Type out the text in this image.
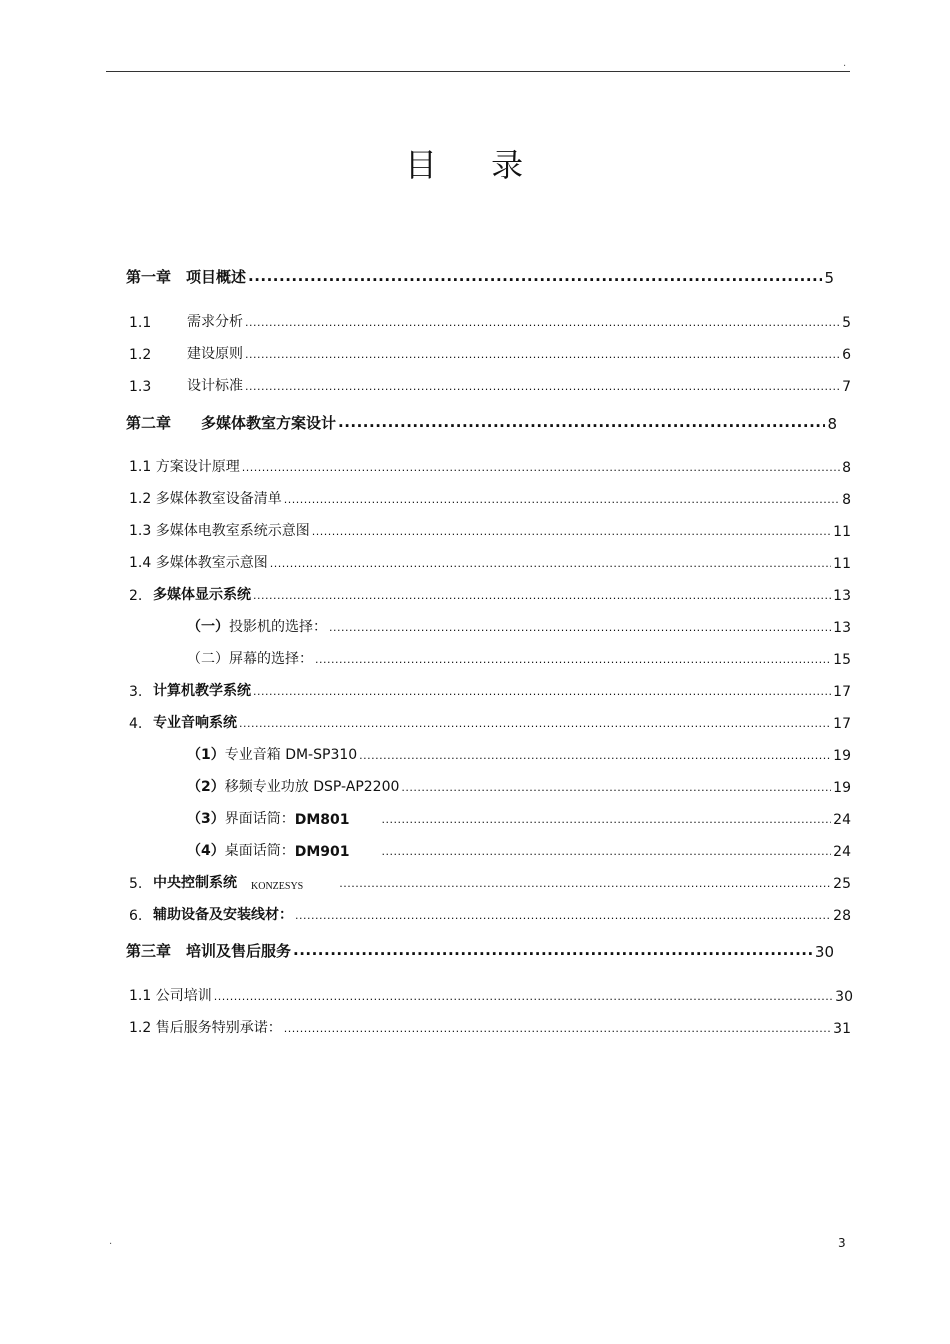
.
目 录
第一章　项目概述 .....	5
1.1	需求分析 .....	5
1.2	建设原则 .....	6
1.3	设计标准 .....	7
第二章　　多媒体教室方案设计 .....	8
1.1 方案设计原理 .....	8
1.2 多媒体教室设备清单 .....	8
1.3 多媒体电教室系统示意图 .....	11
1.4 多媒体教室示意图 .....	11
2. 多媒体显示系统 .....	13
（一） 投影机的选择： .....	13
（二）屏幕的选择： .....	15
3. 计算机教学系统 .....	17
4. 专业音响系统 .....	17
（1） 专业音箱 DM-SP310 .....	19
（2） 移频专业功放 DSP-AP2200 .....	19
（3） 界面话筒： DM801 .....	24
（4） 桌面话筒： DM901 .....	24
5. 中央控制系统 KONZESYS .....	25
6. 辅助设备及安装线材： .....	28
第三章　培训及售后服务 .....	30
1.1 公司培训 .....	30
1.2 售后服务特别承诺： .....	31
.	3
